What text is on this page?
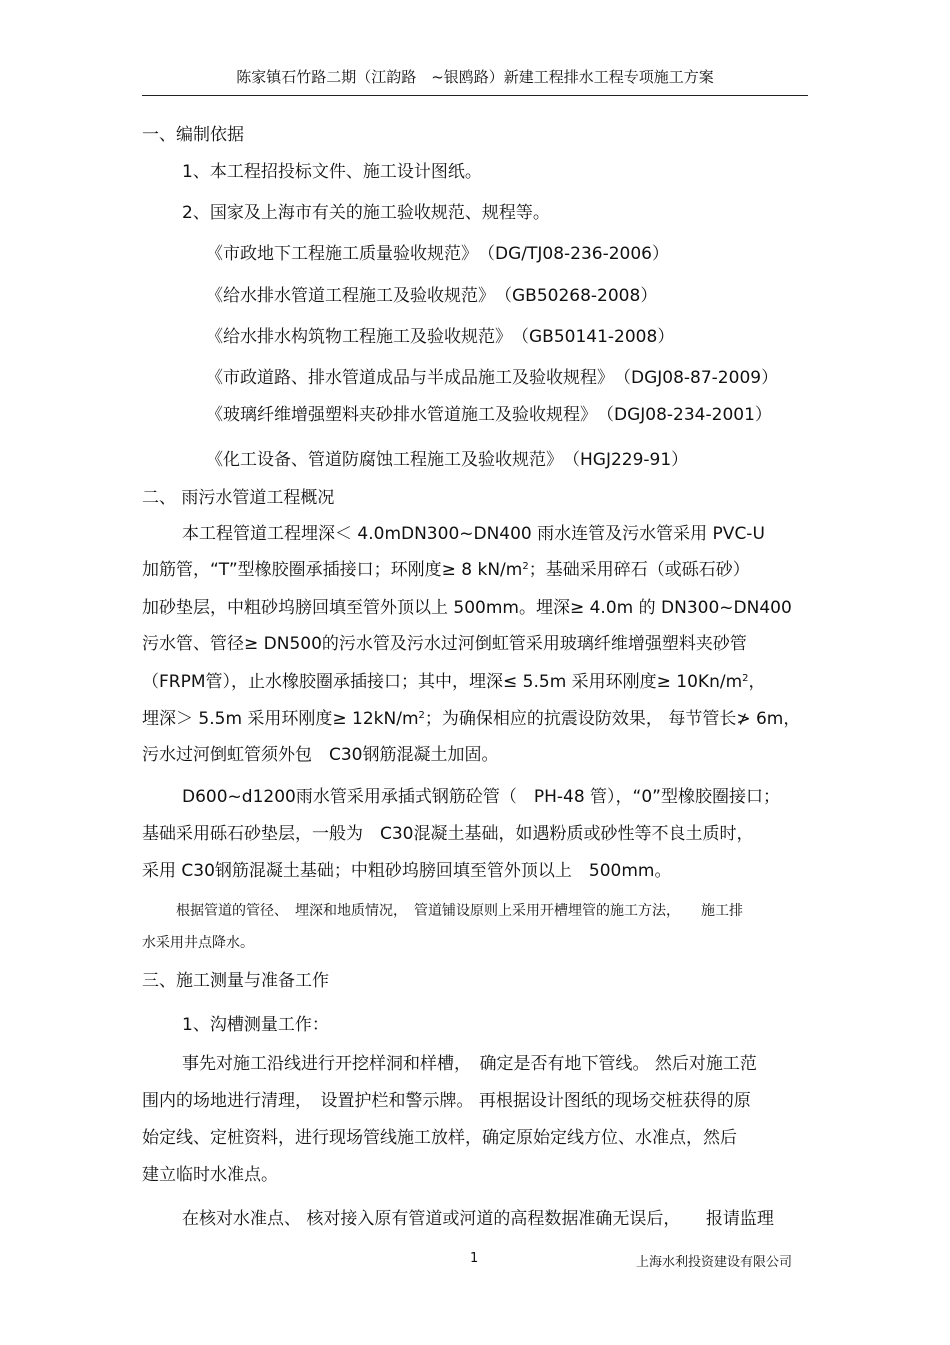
陈家镇石竹路二期（江韵路　~银鸥路）新建工程排水工程专项施工方案
一、编制依据
1、本工程招投标文件、施工设计图纸。
2、国家及上海市有关的施工验收规范、规程等。
《市政地下工程施工质量验收规范》　（DG/TJ08-236-2006）
《给水排水管道工程施工及验收规范》　（GB50268-2008）
《给水排水构筑物工程施工及验收规范》　（GB50141-2008）
《市政道路、排水管道成品与半成品施工及验收规程》　（DGJ08-87-2009）
《玻璃纤维增强塑料夹砂排水管道施工及验收规程》　（DGJ08-234-2001）
《化工设备、管道防腐蚀工程施工及验收规范》　（HGJ229-91）
二、 雨污水管道工程概况
本工程管道工程埋深＜ 4.0mDN300~DN400 雨水连管及污水管采用 PVC-U
加筋管，“T”型橡胶圈承插接口；环刚度≥ 8 $kN/m^2$；基础采用碎石（或砾石砂）
加砂垫层，中粗砂坞膀回填至管外顶以上 500mm。埋深≥ 4.0m 的 DN300~DN400
污水管、管径≥ DN500的污水管及污水过河倒虹管采用玻璃纤维增强塑料夹砂管
（FRPM管），止水橡胶圈承插接口；其中，埋深≤ 5.5m 采用环刚度≥ $10Kn/m^2$，
埋深＞ 5.5m 采用环刚度≥ $12kN/m^2$；为确保相应的抗震设防效果， 每节管长≯ 6m，
污水过河倒虹管须外包　C30钢筋混凝土加固。
D600~d1200雨水管采用承插式钢筋砼管（　PH-48 管），“0”型橡胶圈接口；
基础采用砾石砂垫层，一般为　C30混凝土基础，如遇粉质或砂性等不良土质时，
采用 C30钢筋混凝土基础；中粗砂坞膀回填至管外顶以上　500mm。
根据管道的管径、　埋深和地质情况，　管道铺设原则上采用开槽埋管的施工方法，　　施工排
水采用井点降水。
三、施工测量与准备工作
1、沟槽测量工作：
事先对施工沿线进行开挖样洞和样槽，　确定是否有地下管线。 然后对施工范
围内的场地进行清理，　设置护栏和警示牌。 再根据设计图纸的现场交桩获得的原
始定线、定桩资料，进行现场管线施工放样，确定原始定线方位、水准点，然后
建立临时水准点。
在核对水准点、 核对接入原有管道或河道的高程数据准确无误后，　　报请监理
1	上海水利投资建设有限公司
